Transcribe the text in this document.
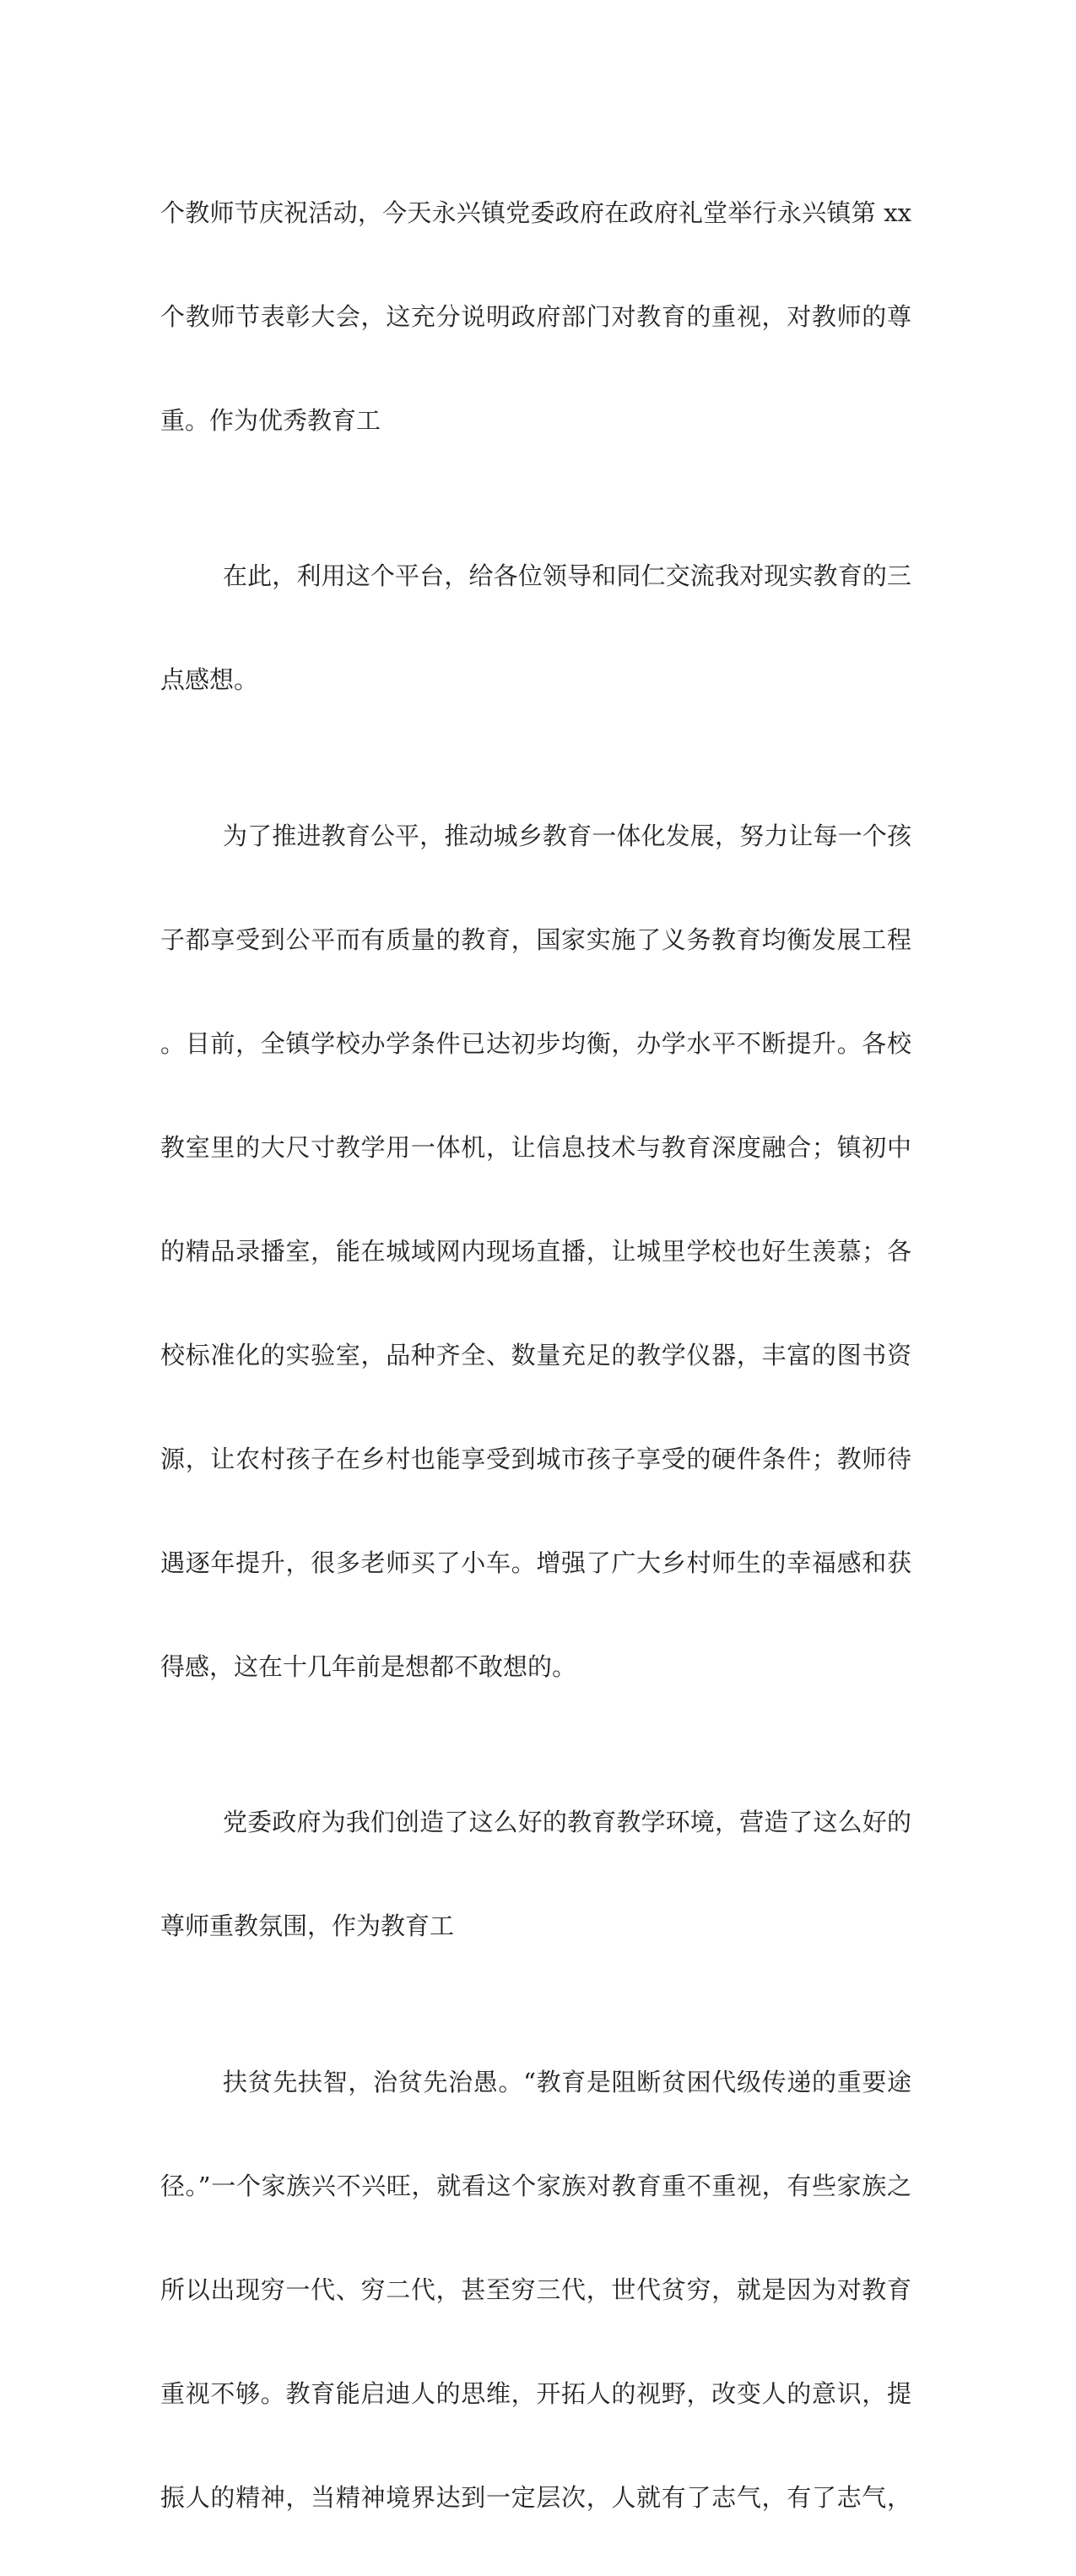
个教师节庆祝活动，今天永兴镇党委政府在政府礼堂举行永兴镇第 xx

个教师节表彰大会，这充分说明政府部门对教育的重视，对教师的尊

重。作为优秀教育工

在此，利用这个平台，给各位领导和同仁交流我对现实教育的三

点感想。

为了推进教育公平，推动城乡教育一体化发展，努力让每一个孩

子都享受到公平而有质量的教育，国家实施了义务教育均衡发展工程

。目前，全镇学校办学条件已达初步均衡，办学水平不断提升。各校

教室里的大尺寸教学用一体机，让信息技术与教育深度融合；镇初中

的精品录播室，能在城域网内现场直播，让城里学校也好生羡慕；各

校标准化的实验室，品种齐全、数量充足的教学仪器，丰富的图书资

源，让农村孩子在乡村也能享受到城市孩子享受的硬件条件；教师待

遇逐年提升，很多老师买了小车。增强了广大乡村师生的幸福感和获

得感，这在十几年前是想都不敢想的。

党委政府为我们创造了这么好的教育教学环境，营造了这么好的

尊师重教氛围，作为教育工

扶贫先扶智，治贫先治愚。“教育是阻断贫困代级传递的重要途

径。”一个家族兴不兴旺，就看这个家族对教育重不重视，有些家族之

所以出现穷一代、穷二代，甚至穷三代，世代贫穷，就是因为对教育

重视不够。教育能启迪人的思维，开拓人的视野，改变人的意识，提

振人的精神，当精神境界达到一定层次，人就有了志气，有了志气，
